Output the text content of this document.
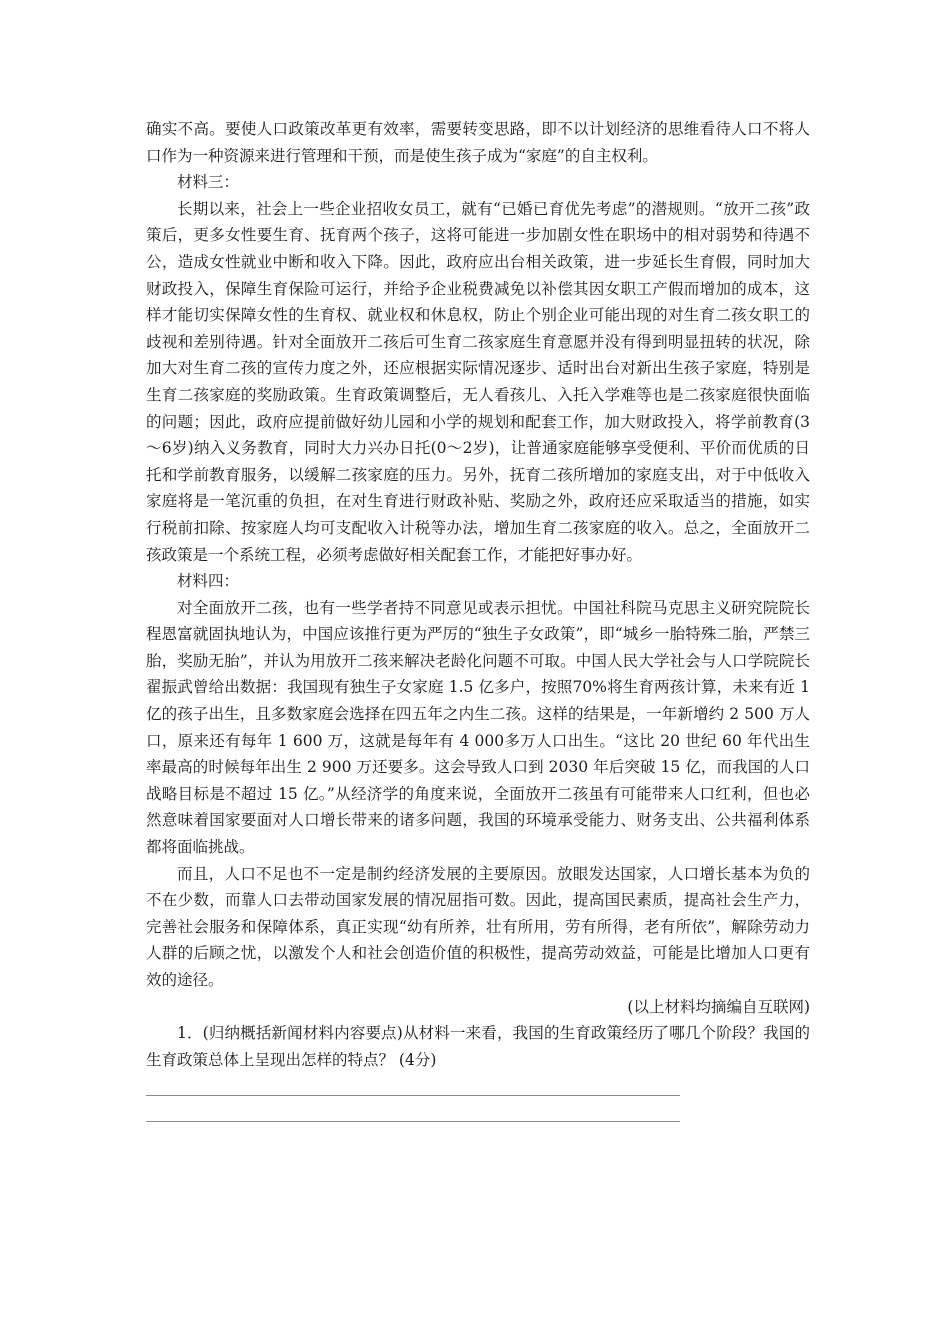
确实不高。要使人口政策改革更有效率，需要转变思路，即不以计划经济的思维看待人口不将人口作为一种资源来进行管理和干预，而是使生孩子成为“家庭”的自主权利。

材料三：

长期以来，社会上一些企业招收女员工，就有“已婚已育优先考虑”的潜规则。“放开二孩”政策后，更多女性要生育、抚育两个孩子，这将可能进一步加剧女性在职场中的相对弱势和待遇不公，造成女性就业中断和收入下降。因此，政府应出台相关政策，进一步延长生育假，同时加大财政投入，保障生育保险可运行，并给予企业税费减免以补偿其因女职工产假而增加的成本，这样才能切实保障女性的生育权、就业权和休息权，防止个别企业可能出现的对生育二孩女职工的歧视和差别待遇。针对全面放开二孩后可生育二孩家庭生育意愿并没有得到明显扭转的状况，除加大对生育二孩的宣传力度之外，还应根据实际情况逐步、适时出台对新出生孩子家庭，特别是生育二孩家庭的奖励政策。生育政策调整后，无人看孩儿、入托入学难等也是二孩家庭很快面临的问题；因此，政府应提前做好幼儿园和小学的规划和配套工作，加大财政投入，将学前教育(3～6岁)纳入义务教育，同时大力兴办日托(0～2岁)，让普通家庭能够享受便利、平价而优质的日托和学前教育服务，以缓解二孩家庭的压力。另外，抚育二孩所增加的家庭支出，对于中低收入家庭将是一笔沉重的负担，在对生育进行财政补贴、奖励之外，政府还应采取适当的措施，如实行税前扣除、按家庭人均可支配收入计税等办法，增加生育二孩家庭的收入。总之，全面放开二孩政策是一个系统工程，必须考虑做好相关配套工作，才能把好事办好。

材料四：

对全面放开二孩，也有一些学者持不同意见或表示担忧。中国社科院马克思主义研究院院长程恩富就固执地认为，中国应该推行更为严厉的“独生子女政策”，即“城乡一胎特殊二胎，严禁三胎，奖励无胎”，并认为用放开二孩来解决老龄化问题不可取。中国人民大学社会与人口学院院长翟振武曾给出数据：我国现有独生子女家庭 1.5 亿多户，按照70%将生育两孩计算，未来有近 1 亿的孩子出生，且多数家庭会选择在四五年之内生二孩。这样的结果是，一年新增约 2 500 万人口，原来还有每年 1 600 万，这就是每年有 4 000多万人口出生。“这比 20 世纪 60 年代出生率最高的时候每年出生 2 900 万还要多。这会导致人口到 2030 年后突破 15 亿，而我国的人口战略目标是不超过 15 亿。”从经济学的角度来说，全面放开二孩虽有可能带来人口红利，但也必然意味着国家要面对人口增长带来的诸多问题，我国的环境承受能力、财务支出、公共福利体系都将面临挑战。

而且，人口不足也不一定是制约经济发展的主要原因。放眼发达国家，人口增长基本为负的不在少数，而靠人口去带动国家发展的情况屈指可数。因此，提高国民素质，提高社会生产力，完善社会服务和保障体系，真正实现“幼有所养，壮有所用，劳有所得，老有所依”，解除劳动力人群的后顾之忧，以激发个人和社会创造价值的积极性，提高劳动效益，可能是比增加人口更有效的途径。

(以上材料均摘编自互联网)

1．(归纳概括新闻材料内容要点)从材料一来看，我国的生育政策经历了哪几个阶段？我国的生育政策总体上呈现出怎样的特点？ (4分)
